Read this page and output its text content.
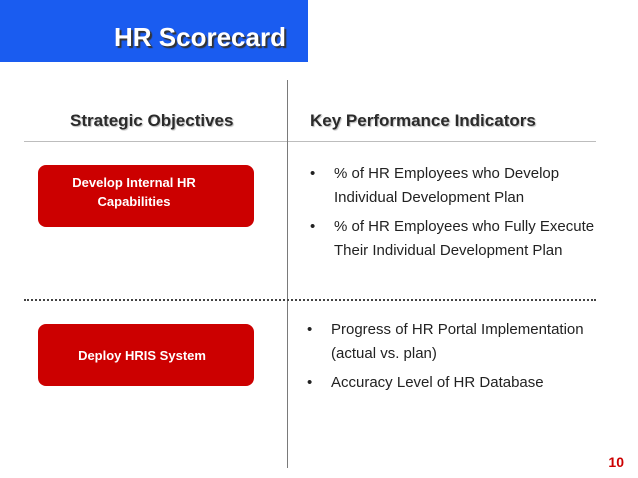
HR Scorecard
Strategic Objectives	Key Performance Indicators
Develop Internal HR
Capabilities
• % of HR Employees who Develop Individual Development Plan
• % of HR Employees who Fully Execute Their Individual Development Plan
Deploy HRIS System
• Progress of HR Portal Implementation (actual vs. plan)
• Accuracy Level of HR Database
10
